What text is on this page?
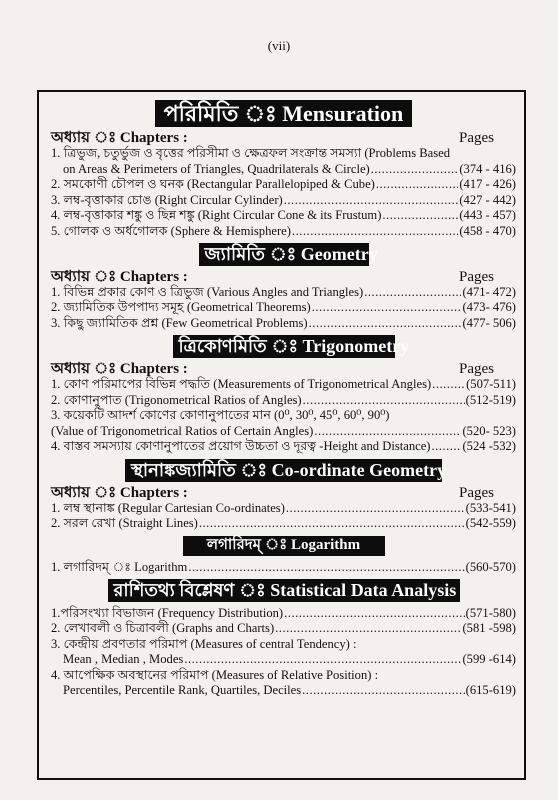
(vii)
পরিমিতি ঃ Mensuration
অধ্যায় ঃ Chapters :	Pages
1. ত্রিভুজ, চতুর্ভুজ ও বৃত্তের পরিসীমা ও ক্ষেত্রফল সংক্রান্ত সমস্যা (Problems Based
on Areas & Perimeters of Triangles, Quadrilaterals & Circle) .....	(374 - 416)
2. সমকোণী চৌপল ও ঘনক (Rectangular Parallelopiped & Cube) .....	(417 - 426)
3. লম্ব-বৃত্তাকার চোঙ (Right Circular Cylinder) .....	(427 - 442)
4. লম্ব-বৃত্তাকার শঙ্কু ও ছিন্ন শঙ্কু (Right Circular Cone & its Frustum) .....	(443 - 457)
5. গোলক ও অর্ধগোলক (Sphere & Hemisphere) .....	(458 - 470)
জ্যামিতি ঃ Geometry
অধ্যায় ঃ Chapters :	Pages
1. বিভিন্ন প্রকার কোণ ও ত্রিভুজ (Various Angles and Triangles) .....	(471- 472)
2. জ্যামিতিক উপপাদ্য সমূহ (Geometrical Theorems) .....	(473- 476)
3. কিছু জ্যামিতিক প্রশ্ন (Few Geometrical Problems) .....	(477- 506)
ত্রিকোণমিতি ঃ Trigonometry
অধ্যায় ঃ Chapters :	Pages
1. কোণ পরিমাপের বিভিন্ন পদ্ধতি (Measurements of Trigonometrical Angles) .....	(507-511)
2. কোণানুপাত (Trigonometrical Ratios of Angles) .....	(512-519)
3. কয়েকটি আদর্শ কোণের কোণানুপাতের মান (0⁰, 30⁰, 45⁰, 60⁰, 90⁰)
(Value of Trigonometrical Ratios of Certain Angles) .....	(520- 523)
4. বাস্তব সমস্যায় কোণানুপাতের প্রয়োগ উচ্চতা ও দূরত্ব -Height and Distance) .....	(524 -532)
স্থানাঙ্কজ্যামিতি ঃ Co-ordinate Geometry
অধ্যায় ঃ Chapters :	Pages
1. লম্ব স্থানাঙ্ক (Regular Cartesian Co-ordinates) .....	(533-541)
2. সরল রেখা (Straight Lines) .....	(542-559)
লগারিদম্ ঃ Logarithm
1. লগারিদম্ ঃ Logarithm .....	(560-570)
রাশিতথ্য বিশ্লেষণ ঃ Statistical Data Analysis
1.পরিসংখ্যা বিভাজন (Frequency Distribution) .....	(571-580)
2. লেখাবলী ও চিত্রাবলী (Graphs and Charts) .....	(581 -598)
3. কেন্দ্রীয় প্রবণতার পরিমাপ (Measures of central Tendency) :
Mean , Median , Modes .....	(599 -614)
4. আপেক্ষিক অবস্থানের পরিমাপ (Measures of Relative Position) :
Percentiles, Percentile Rank, Quartiles, Deciles .....	(615-619)
